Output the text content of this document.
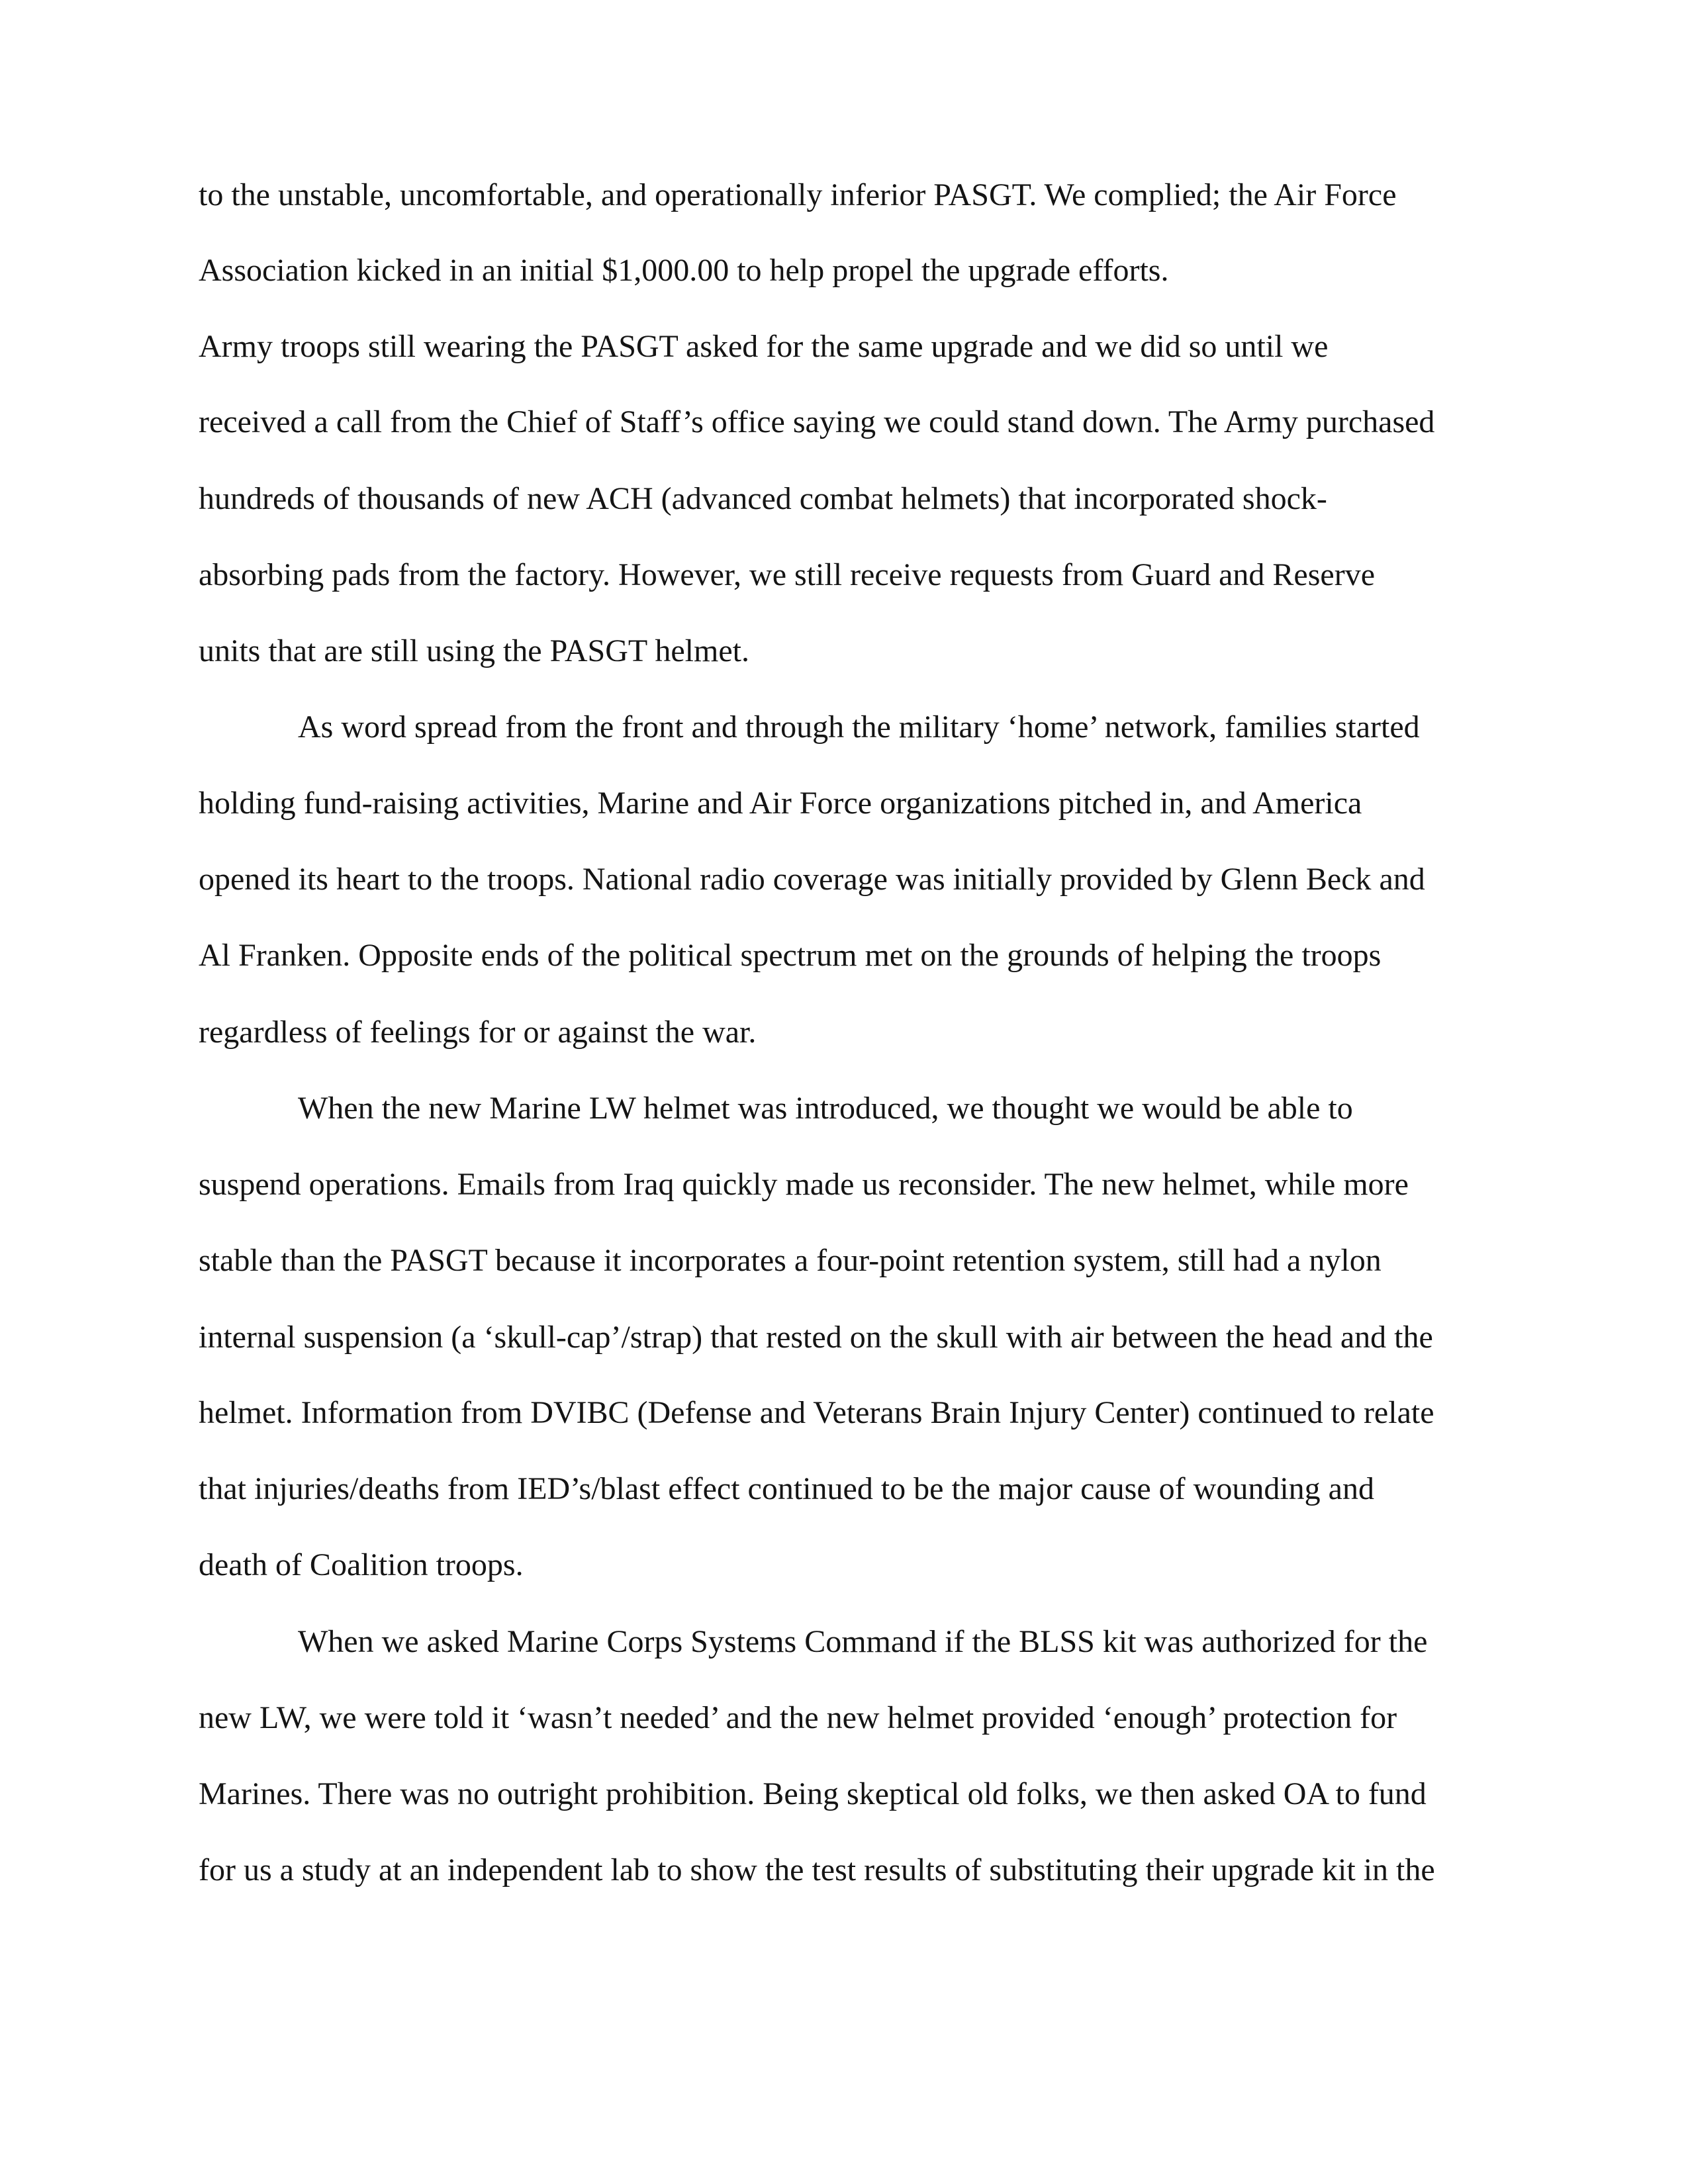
to the unstable, uncomfortable, and operationally inferior PASGT. We complied; the Air Force

Association kicked in an initial $1,000.00 to help propel the upgrade efforts.

Army troops still wearing the PASGT asked for the same upgrade and we did so until we

received a call from the Chief of Staff’s office saying we could stand down. The Army purchased

hundreds of thousands of new ACH (advanced combat helmets) that incorporated shock-

absorbing pads from the factory. However, we still receive requests from Guard and Reserve

units that are still using the PASGT helmet.

As word spread from the front and through the military ‘home’ network, families started

holding fund-raising activities, Marine and Air Force organizations pitched in, and America

opened its heart to the troops. National radio coverage was initially provided by Glenn Beck and

Al Franken. Opposite ends of the political spectrum met on the grounds of helping the troops

regardless of feelings for or against the war.

When the new Marine LW helmet was introduced, we thought we would be able to

suspend operations. Emails from Iraq quickly made us reconsider. The new helmet, while more

stable than the PASGT because it incorporates a four-point retention system, still had a nylon

internal suspension (a ‘skull-cap’/strap) that rested on the skull with air between the head and the

helmet. Information from DVIBC (Defense and Veterans Brain Injury Center) continued to relate

that injuries/deaths from IED’s/blast effect continued to be the major cause of wounding and

death of Coalition troops.

When we asked Marine Corps Systems Command if the BLSS kit was authorized for the

new LW, we were told it ‘wasn’t needed’ and the new helmet provided ‘enough’ protection for

Marines. There was no outright prohibition. Being skeptical old folks, we then asked OA to fund

for us a study at an independent lab to show the test results of substituting their upgrade kit in the
